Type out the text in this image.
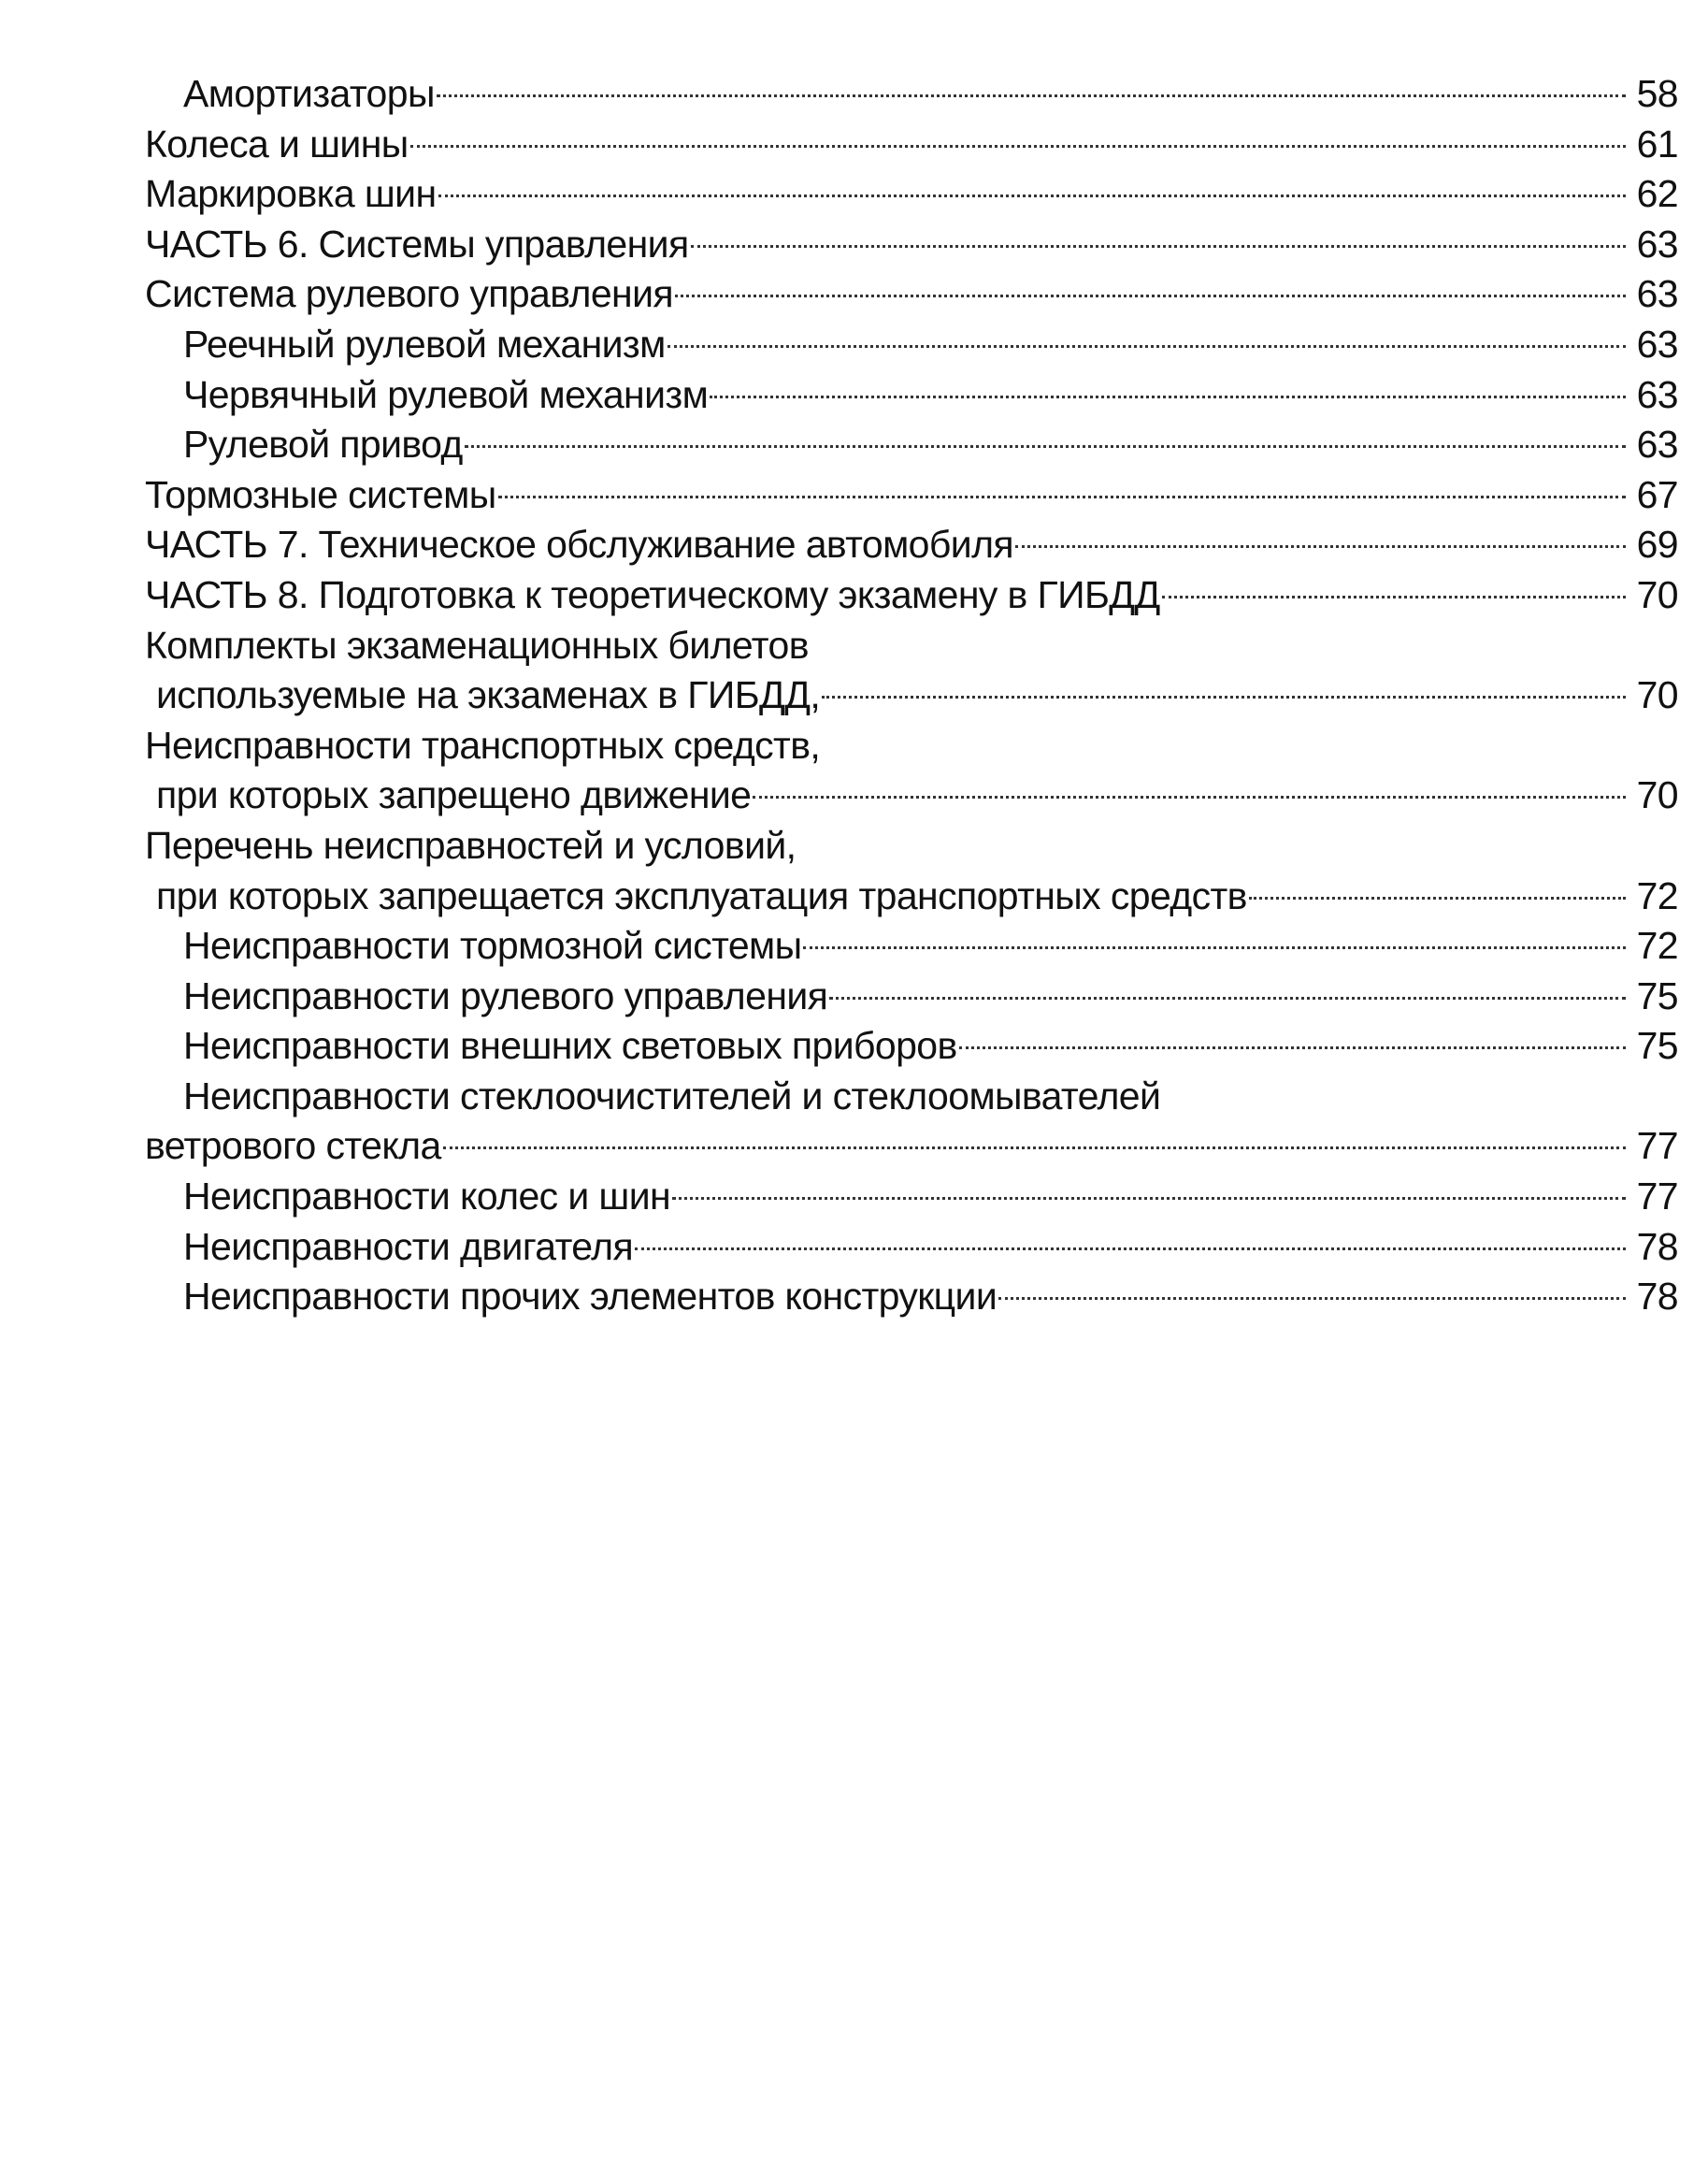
Амортизаторы	58
Колеса и шины	61
Маркировка шин	62
ЧАСТЬ 6. Системы управления	63
Система рулевого управления	63
Реечный рулевой механизм	63
Червячный рулевой механизм	63
Рулевой привод	63
Тормозные системы	67
ЧАСТЬ 7. Техническое обслуживание автомобиля	69
ЧАСТЬ 8. Подготовка к теоретическому экзамену в ГИБДД	70
Комплекты экзаменационных билетов
используемые на экзаменах в ГИБДД,	70
Неисправности транспортных средств,
при которых запрещено движение	70
Перечень неисправностей и условий,
при которых запрещается эксплуатация транспортных средств	72
Неисправности тормозной системы	72
Неисправности рулевого управления	75
Неисправности внешних световых приборов	75
Неисправности стеклоочистителей и стеклоомывателей
ветрового стекла	77
Неисправности колес и шин	77
Неисправности двигателя	78
Неисправности прочих элементов конструкции	78
